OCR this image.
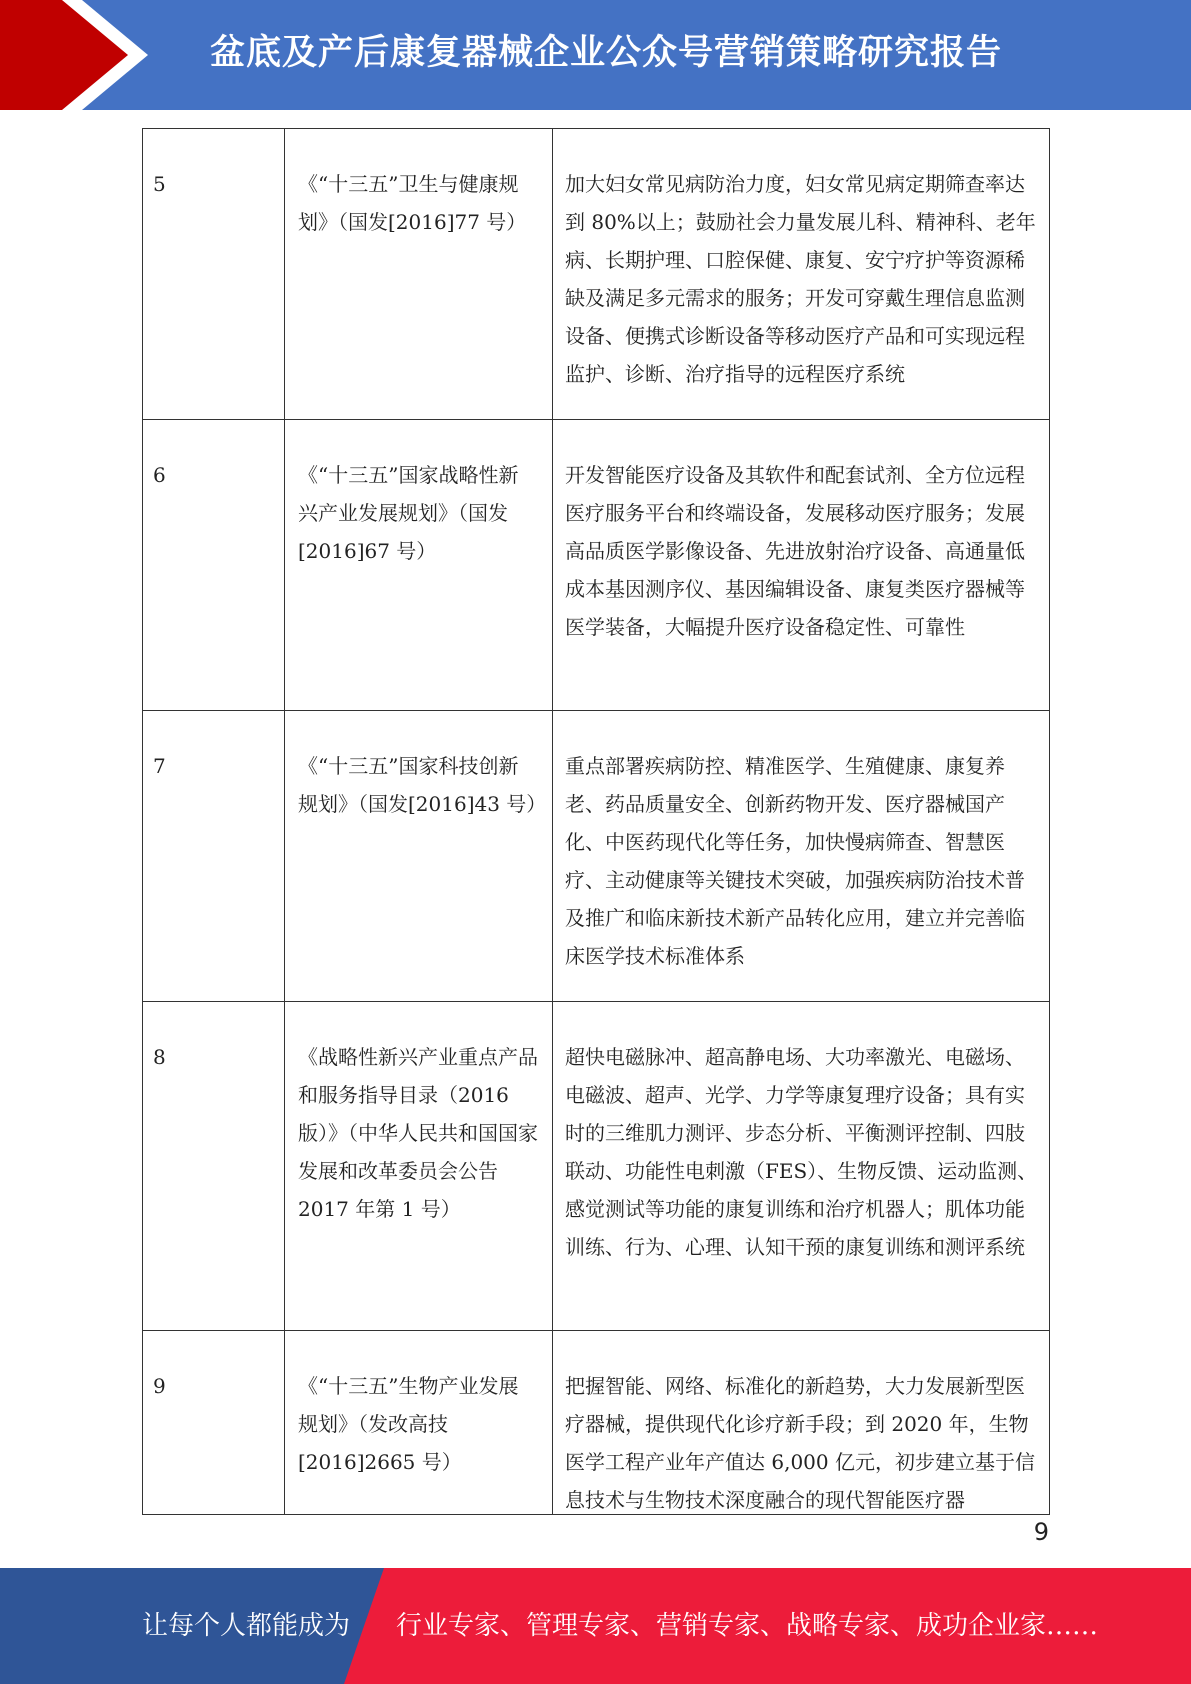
盆底及产后康复器械企业公众号营销策略研究报告
5	《“十三五”卫生与健康规划》（国发[2016]77 号）	加大妇女常见病防治力度，妇女常见病定期筛查率达到 80%以上；鼓励社会力量发展儿科、精神科、老年病、长期护理、口腔保健、康复、安宁疗护等资源稀缺及满足多元需求的服务；开发可穿戴生理信息监测设备、便携式诊断设备等移动医疗产品和可实现远程监护、诊断、治疗指导的远程医疗系统

6	《“十三五”国家战略性新兴产业发展规划》（国发[2016]67 号）	开发智能医疗设备及其软件和配套试剂、全方位远程医疗服务平台和终端设备，发展移动医疗服务；发展高品质医学影像设备、先进放射治疗设备、高通量低成本基因测序仪、基因编辑设备、康复类医疗器械等医学装备，大幅提升医疗设备稳定性、可靠性

7	《“十三五”国家科技创新规划》（国发[2016]43 号）	重点部署疾病防控、精准医学、生殖健康、康复养老、药品质量安全、创新药物开发、医疗器械国产化、中医药现代化等任务，加快慢病筛查、智慧医疗、主动健康等关键技术突破，加强疾病防治技术普及推广和临床新技术新产品转化应用，建立并完善临床医学技术标准体系

8	《战略性新兴产业重点产品和服务指导目录（2016 版）》（中华人民共和国国家发展和改革委员会公告 2017 年第 1 号）	超快电磁脉冲、超高静电场、大功率激光、电磁场、电磁波、超声、光学、力学等康复理疗设备；具有实时的三维肌力测评、步态分析、平衡测评控制、四肢联动、功能性电刺激（FES）、生物反馈、运动监测、感觉测试等功能的康复训练和治疗机器人；肌体功能训练、行为、心理、认知干预的康复训练和测评系统

9	《“十三五”生物产业发展规划》（发改高技[2016]2665 号）	把握智能、网络、标准化的新趋势，大力发展新型医疗器械，提供现代化诊疗新手段；到 2020 年，生物医学工程产业年产值达 6,000 亿元，初步建立基于信息技术与生物技术深度融合的现代智能医疗器
9
让每个人都能成为 行业专家、管理专家、营销专家、战略专家、成功企业家……
